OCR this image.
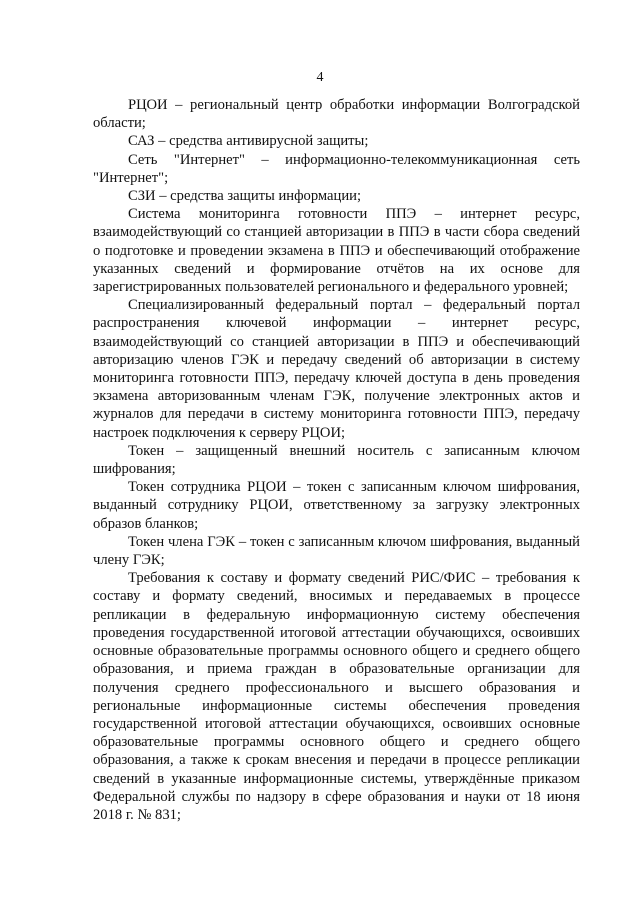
4

РЦОИ – региональный центр обработки информации Волгоградской области;

САЗ – средства антивирусной защиты;

Сеть "Интернет" – информационно-телекоммуникационная сеть "Интернет";

СЗИ – средства защиты информации;

Система мониторинга готовности ППЭ – интернет ресурс, взаимодействующий со станцией авторизации в ППЭ в части сбора сведений о подготовке и проведении экзамена в ППЭ и обеспечивающий отображение указанных сведений и формирование отчётов на их основе для зарегистрированных пользователей регионального и федерального уровней;

Специализированный федеральный портал – федеральный портал распространения ключевой информации – интернет ресурс, взаимодействующий со станцией авторизации в ППЭ и обеспечивающий авторизацию членов ГЭК и передачу сведений об авторизации в систему мониторинга готовности ППЭ, передачу ключей доступа в день проведения экзамена авторизованным членам ГЭК, получение электронных актов и журналов для передачи в систему мониторинга готовности ППЭ, передачу настроек подключения к серверу РЦОИ;

Токен – защищенный внешний носитель с записанным ключом шифрования;

Токен сотрудника РЦОИ – токен с записанным ключом шифрования, выданный сотруднику РЦОИ, ответственному за загрузку электронных образов бланков;

Токен члена ГЭК – токен с записанным ключом шифрования, выданный члену ГЭК;

Требования к составу и формату сведений РИС/ФИС – требования к составу и формату сведений, вносимых и передаваемых в процессе репликации в федеральную информационную систему обеспечения проведения государственной итоговой аттестации обучающихся, освоивших основные образовательные программы основного общего и среднего общего образования, и приема граждан в образовательные организации для получения среднего профессионального и высшего образования и региональные информационные системы обеспечения проведения государственной итоговой аттестации обучающихся, освоивших основные образовательные программы основного общего и среднего общего образования, а также к срокам внесения и передачи в процессе репликации сведений в указанные информационные системы, утверждённые приказом Федеральной службы по надзору в сфере образования и науки от 18 июня 2018 г. № 831;
